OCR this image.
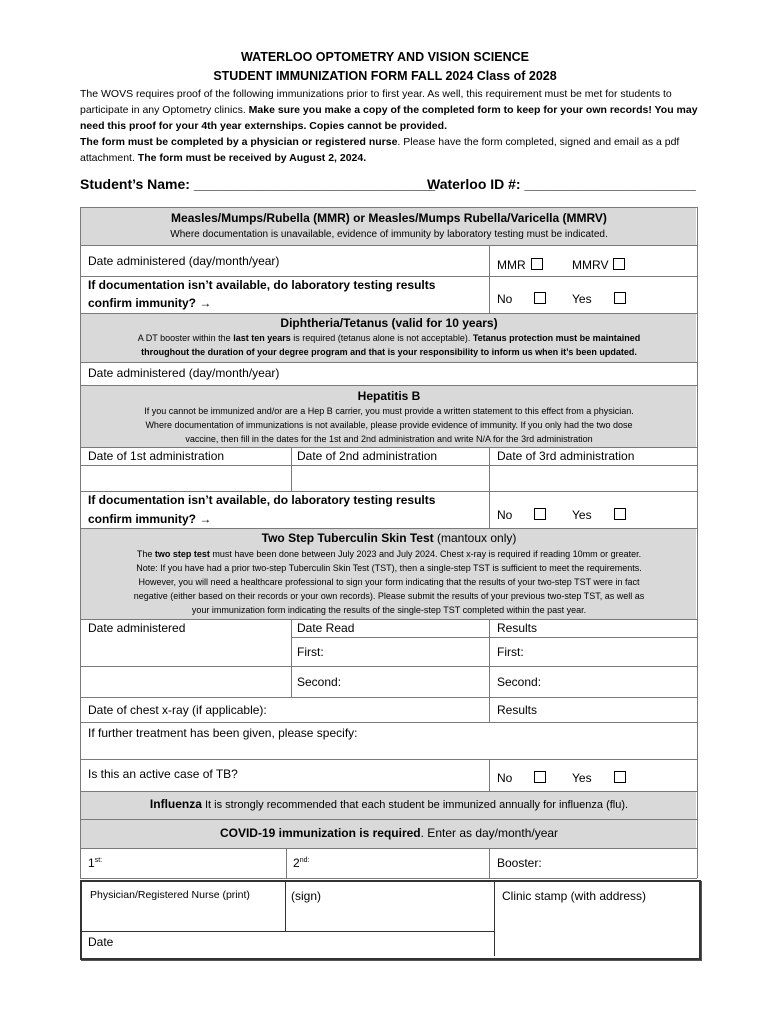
WATERLOO OPTOMETRY AND VISION SCIENCE
STUDENT IMMUNIZATION FORM FALL 2024 Class of 2028
The WOVS requires proof of the following immunizations prior to first year. As well, this requirement must be met for students to participate in any Optometry clinics. Make sure you make a copy of the completed form to keep for your own records! You may need this proof for your 4th year externships. Copies cannot be provided.
The form must be completed by a physician or registered nurse. Please have the form completed, signed and email as a pdf attachment. The form must be received by August 2, 2024.
Student’s Name: _______________________________
Waterloo ID #: ______________________
Measles/Mumps/Rubella (MMR) or Measles/Mumps Rubella/Varicella (MMRV)
Where documentation is unavailable, evidence of immunity by laboratory testing must be indicated.
Date administered (day/month/year)	MMR	MMRV
If documentation isn’t available, do laboratory testing results
confirm immunity? →	No	Yes
Diphtheria/Tetanus (valid for 10 years)
A DT booster within the last ten years is required (tetanus alone is not acceptable). Tetanus protection must be maintained
throughout the duration of your degree program and that is your responsibility to inform us when it’s been updated.
Date administered (day/month/year)
Hepatitis B
If you cannot be immunized and/or are a Hep B carrier, you must provide a written statement to this effect from a physician.
Where documentation of immunizations is not available, please provide evidence of immunity. If you only had the two dose
vaccine, then fill in the dates for the 1st and 2nd administration and write N/A for the 3rd administration
Date of 1st administration	Date of 2nd administration	Date of 3rd administration
If documentation isn’t available, do laboratory testing results
confirm immunity? →	No	Yes
Two Step Tuberculin Skin Test (mantoux only)
The two step test must have been done between July 2023 and July 2024. Chest x-ray is required if reading 10mm or greater.
Note: If you have had a prior two-step Tuberculin Skin Test (TST), then a single-step TST is sufficient to meet the requirements.
However, you will need a healthcare professional to sign your form indicating that the results of your two-step TST were in fact
negative (either based on their records or your own records). Please submit the results of your previous two-step TST, as well as
your immunization form indicating the results of the single-step TST completed within the past year.
Date administered	Date Read	Results
First:	First:
Second:	Second:
Date of chest x-ray (if applicable):	Results
If further treatment has been given, please specify:
Is this an active case of TB?	No	Yes
Influenza It is strongly recommended that each student be immunized annually for influenza (flu).
COVID-19 immunization is required. Enter as day/month/year
$1^{st:}$	$2^{nd:}$	Booster:
Physician/Registered Nurse (print)	(sign)	Clinic stamp (with address)
Date
